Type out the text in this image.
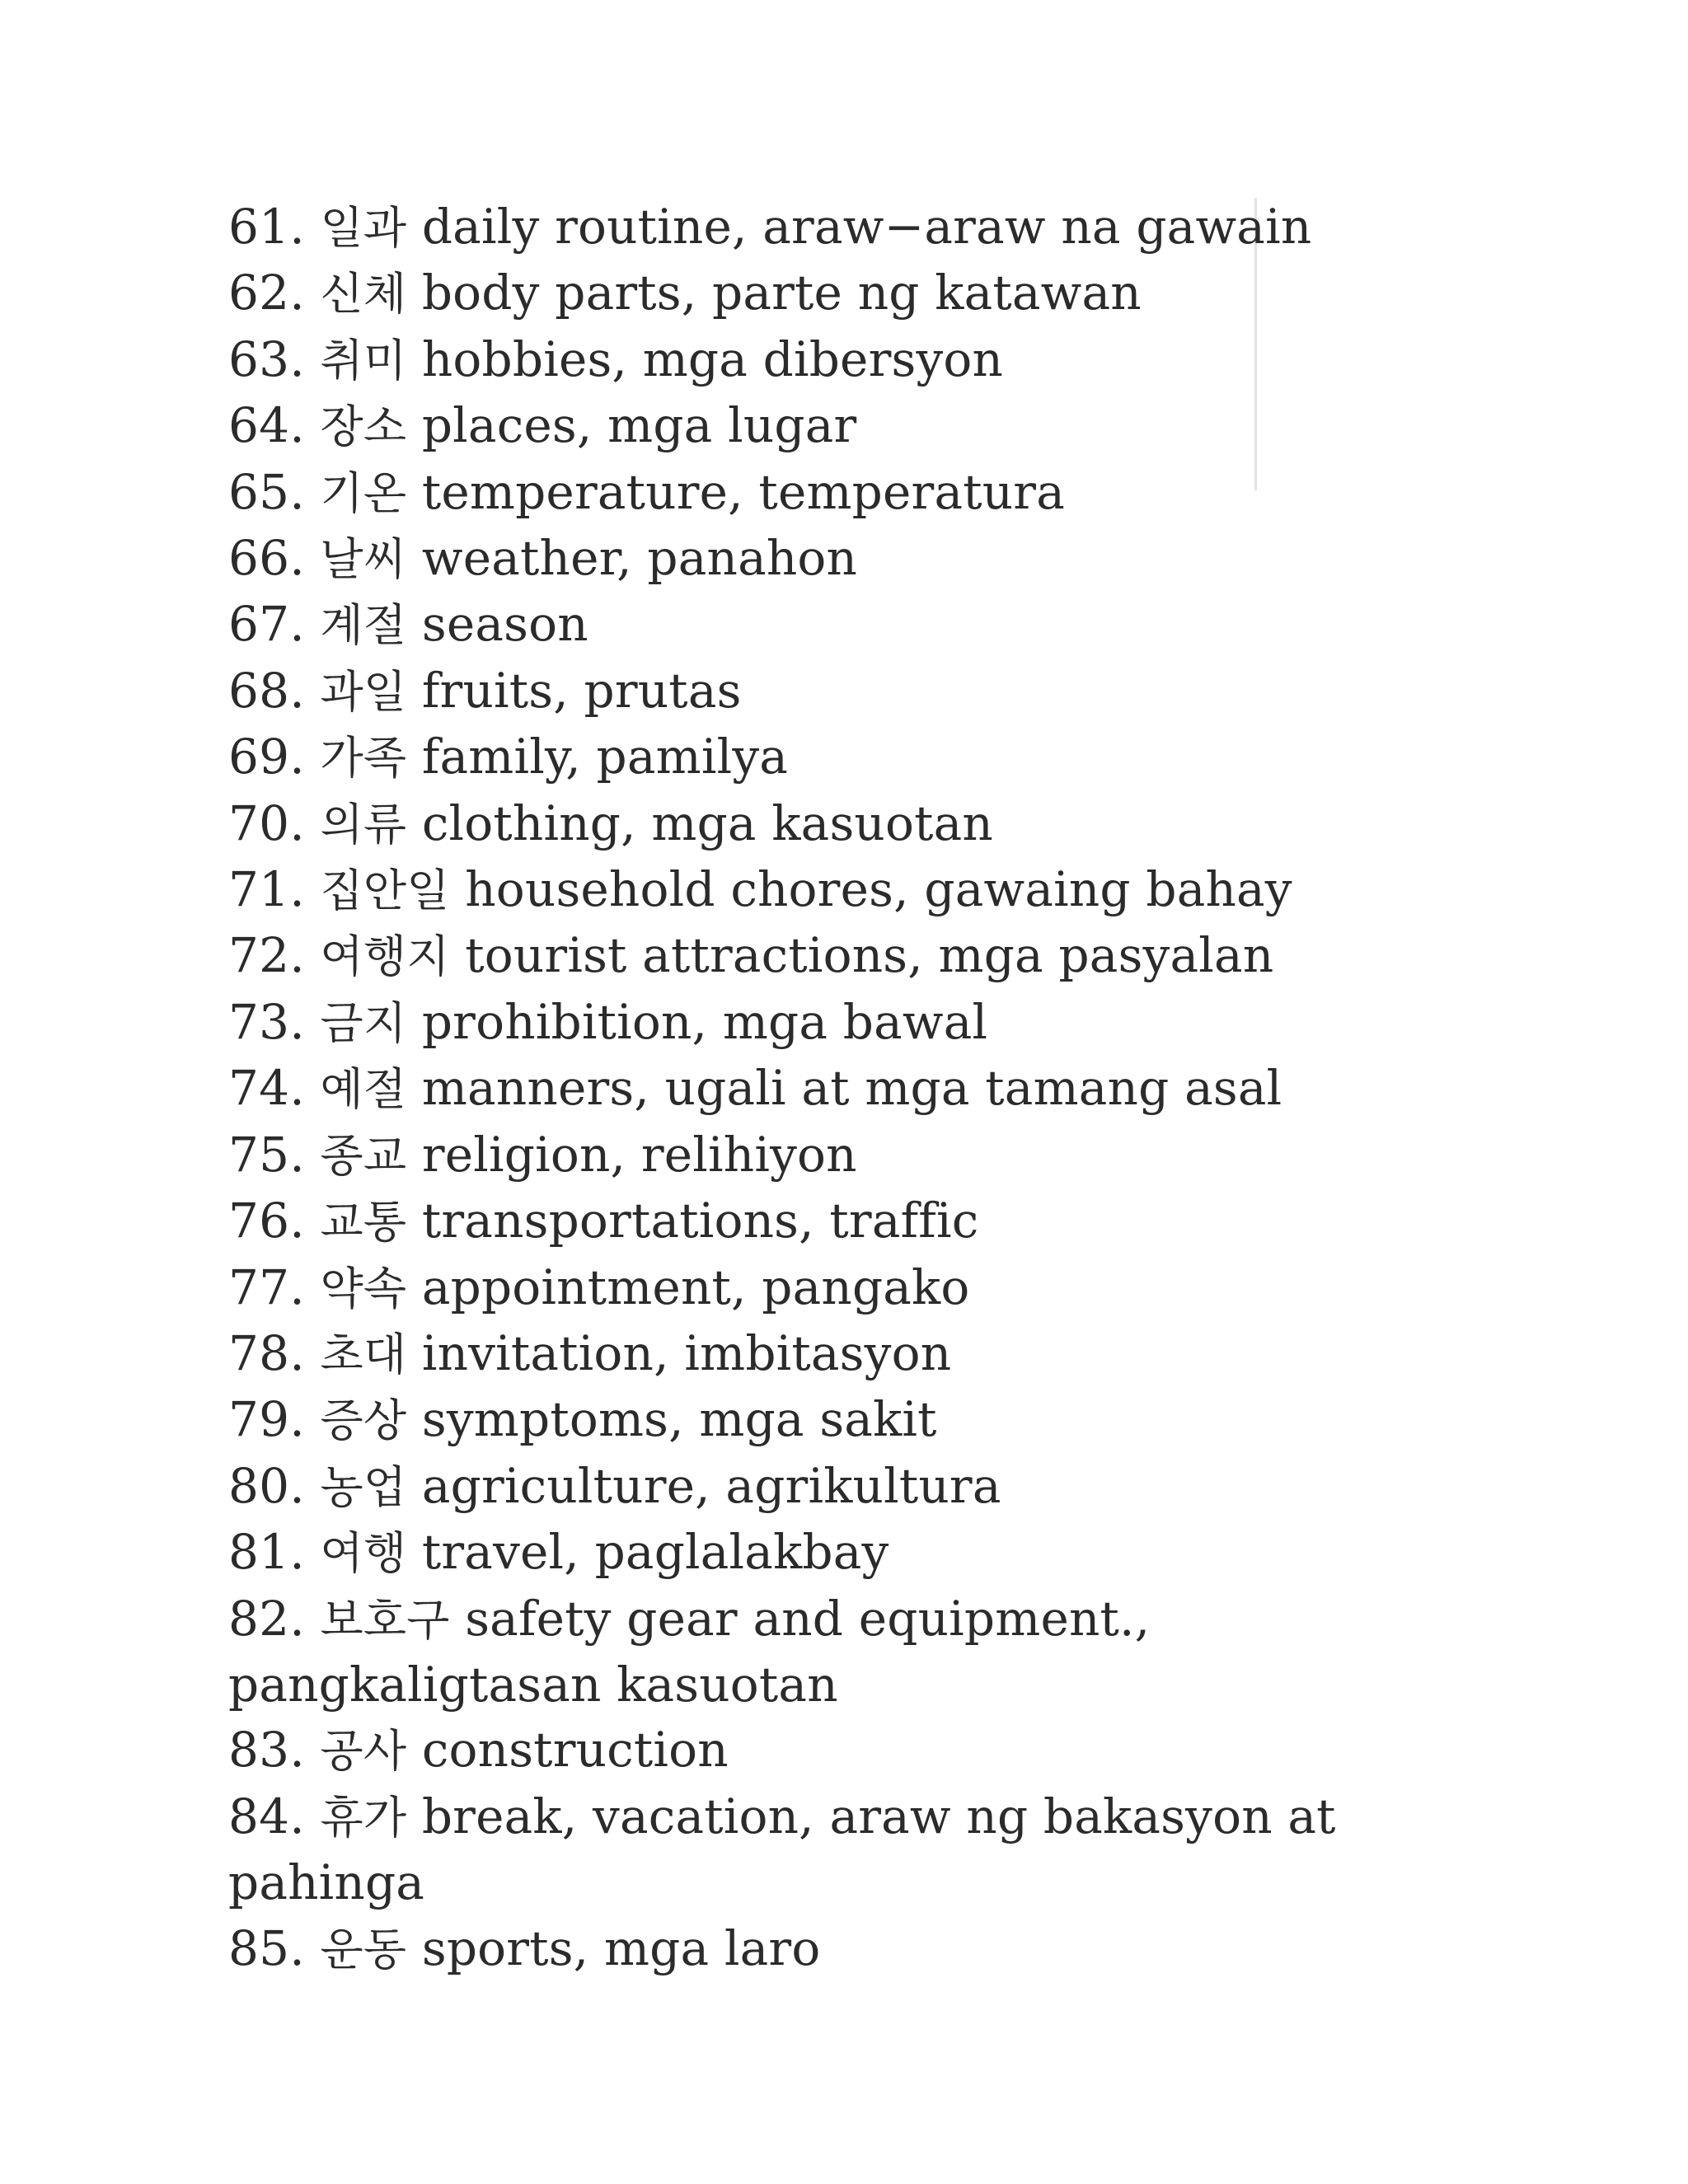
61. 일과 daily routine, araw−araw na gawain
62. 신체 body parts, parte ng katawan
63. 취미 hobbies, mga dibersyon
64. 장소 places, mga lugar
65. 기온 temperature, temperatura
66. 날씨 weather, panahon
67. 계절 season
68. 과일 fruits, prutas
69. 가족 family, pamilya
70. 의류 clothing, mga kasuotan
71. 집안일 household chores, gawaing bahay
72. 여행지 tourist attractions, mga pasyalan
73. 금지 prohibition, mga bawal
74. 예절 manners, ugali at mga tamang asal
75. 종교 religion, relihiyon
76. 교통 transportations, traffic
77. 약속 appointment, pangako
78. 초대 invitation, imbitasyon
79. 증상 symptoms, mga sakit
80. 농업 agriculture, agrikultura
81. 여행 travel, paglalakbay
82. 보호구 safety gear and equipment., pangkaligtasan kasuotan
83. 공사 construction
84. 휴가 break, vacation, araw ng bakasyon at pahinga
85. 운동 sports, mga laro
